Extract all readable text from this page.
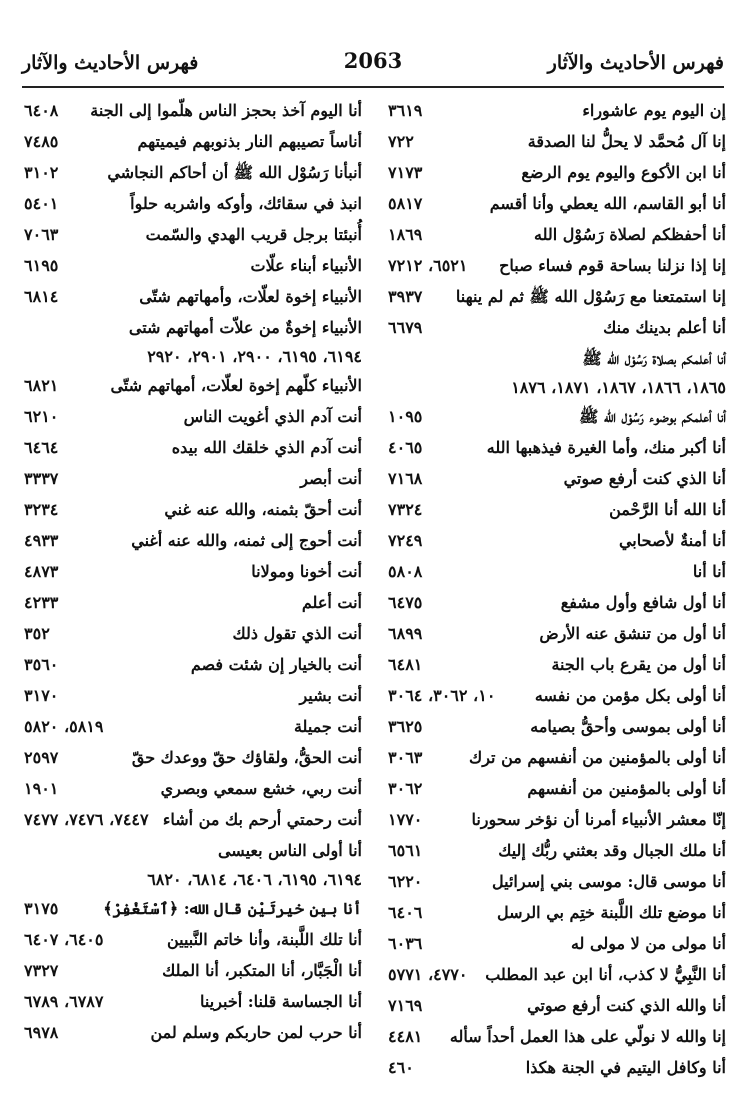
فهرس الأحاديث والآثار
2063
فهرس الأحاديث والآثار
إن اليوم يوم عاشوراء
٣٦١٩
إنا آل مُحمَّد لا يحلُّ لنا الصدقة
٧٢٢
أنا ابن الأكوع واليوم يوم الرضع
٧١٧٣
أنا أبو القاسم، الله يعطي وأنا أقسم
٥٨١٧
أنا أحفظكم لصلاة رَسُوْل الله
١٨٦٩
إنا إذا نزلنا بساحة قوم فساء صباح
٦٥٢١، ٧٢١٢
إنا استمتعنا مع رَسُوْل الله ﷺ ثم لم ينهنا
٣٩٣٧
أنا أعلم بدينك منك
٦٦٧٩
أنا أعلمكم بصلاة رَسُوْل الله ﷺ
١٨٦٥، ١٨٦٦، ١٨٦٧، ١٨٧١، ١٨٧٦
أنا أعلمكم بوضوء رَسُوْل الله ﷺ
١٠٩٥
أنا أكبر منك، وأما الغيرة فيذهبها الله
٤٠٦٥
أنا الذي كنت أرفع صوتي
٧١٦٨
أنا الله أنا الرَّحْمن
٧٣٢٤
أنا أمنةٌ لأصحابي
٧٢٤٩
أنا أنا
٥٨٠٨
أنا أول شافع وأول مشفع
٦٤٧٥
أنا أول من تنشق عنه الأرض
٦٨٩٩
أنا أول من يقرع باب الجنة
٦٤٨١
أنا أولى بكل مؤمن من نفسه
١٠، ٣٠٦٢، ٣٠٦٤
أنا أولى بموسى وأحقُّ بصيامه
٣٦٢٥
أنا أولى بالمؤمنين من أنفسهم من ترك
٣٠٦٣
أنا أولى بالمؤمنين من أنفسهم
٣٠٦٢
إنّا معشر الأنبياء أمرنا أن نؤخر سحورنا
١٧٧٠
أنا ملك الجبال وقد بعثني ربُّك إليك
٦٥٦١
أنا موسى قال: موسى بني إسرائيل
٦٢٢٠
أنا موضع تلك اللَّبنة ختِم بي الرسل
٦٤٠٦
أنا مولى من لا مولى له
٦٠٣٦
أنا النَّبِيُّ لا كذب، أنا ابن عبد المطلب
٤٧٧٠، ٥٧٧١
أنا والله الذي كنت أرفع صوتي
٧١٦٩
إنا والله لا نولّي على هذا العمل أحداً سأله
٤٤٨١
أنا وكافل اليتيم في الجنة هكذا
٤٦٠
أنا اليوم آخذ بحجز الناس هلّموا إلى الجنة
٦٤٠٨
أناساً تصيبهم النار بذنوبهم فيميتهم
٧٤٨٥
أنبأنا رَسُوْل الله ﷺ أن أحاكم النجاشي
٣١٠٢
انبذ في سقائك، وأوكه واشربه حلواً
٥٤٠١
أُنبئتا برجل قريب الهدي والسّمت
٧٠٦٣
الأنبياء أبناء علّات
٦١٩٥
الأنبياء إخوة لعلّات، وأمهاتهم شتّى
٦٨١٤
الأنبياء إخوةٌ من علاّت أمهاتهم شتى
٦١٩٤، ٦١٩٥، ٢٩٠٠، ٢٩٠١، ٢٩٢٠
الأنبياء كلّهم إخوة لعلّات، أمهاتهم شتّى
٦٨٢١
أنت آدم الذي أغويت الناس
٦٢١٠
أنت آدم الذي خلقك الله بيده
٦٤٦٤
أنت أبصر
٣٣٣٧
أنت أحقّ بثمنه، والله عنه غني
٣٢٣٤
أنت أحوج إلى ثمنه، والله عنه أغني
٤٩٣٣
أنت أخونا ومولانا
٤٨٧٣
أنت أعلم
٤٢٣٣
أنت الذي تقول ذلك
٣٥٢
أنت بالخيار إن شئت فصم
٣٥٦٠
أنت بشير
٣١٧٠
أنت جميلة
٥٨١٩، ٥٨٢٠
أنت الحقُّ، ولقاؤك حقّ ووعدك حقّ
٢٥٩٧
أنت ربي، خشع سمعي وبصري
١٩٠١
أنت رحمتي أرحم بك من أشاء
٧٤٤٧، ٧٤٧٦، ٧٤٧٧
أنا أولى الناس بعيسى
٦١٩٤، ٦١٩٥، ٦٤٠٦، ٦٨١٤، ٦٨٢٠
أنا بين خيرتَيْن قال الله: ﴿ٱسْتَغْفِرْ﴾
٣١٧٥
أنا تلك اللَّبنة، وأنا خاتم النَّبيين
٦٤٠٥، ٦٤٠٧
أنا الْجَبَّار، أنا المتكبر، أنا الملك
٧٣٢٧
أنا الجساسة قلنا: أخبرينا
٦٧٨٧، ٦٧٨٩
أنا حرب لمن حاربكم وسلم لمن
٦٩٧٨
